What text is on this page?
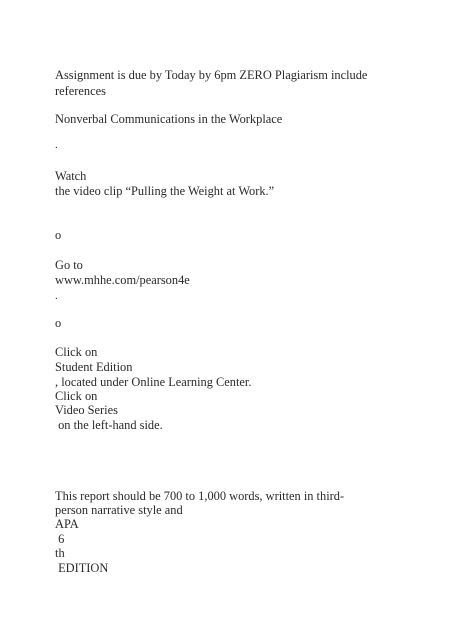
Assignment is due by Today by 6pm ZERO Plagiarism include

references

Nonverbal Communications in the Workplace

.

Watch

the video clip “Pulling the Weight at Work.”

o

Go to

www.mhhe.com/pearson4e

.

o

Click on

Student Edition

, located under Online Learning Center.

Click on

Video Series

on the left-hand side.

This report should be 700 to 1,000 words, written in third-

person narrative style and

APA

6

th

EDITION
